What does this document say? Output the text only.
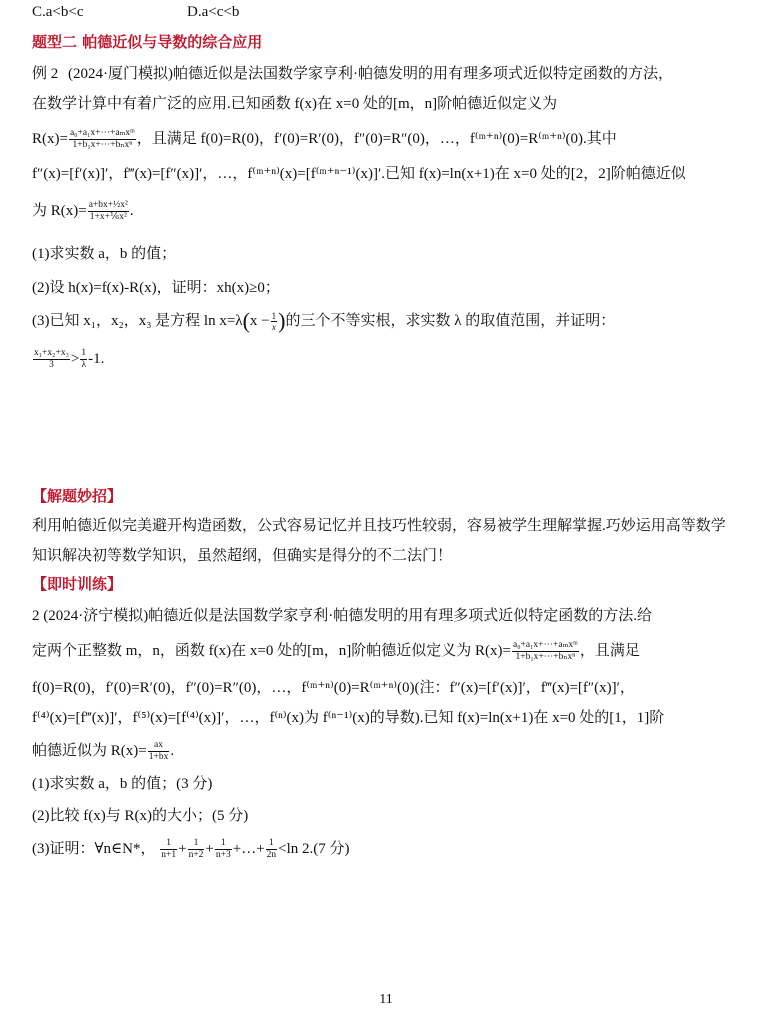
C.a<b<c	D.a<c<b
题型二 帕德近似与导数的综合应用
例 2 (2024·厦门模拟)帕德近似是法国数学家亨利·帕德发明的用有理多项式近似特定函数的方法，
在数学计算中有着广泛的应用.已知函数 f(x)在 x=0 处的[m，n]阶帕德近似定义为
$R(x)= \frac{\text{a₀+a₁x+⋯+aₘxᵐ}}{\text{1+b₁x+⋯+bₙxⁿ}}$ ，且满足 f(0)=R(0)，f′(0)=R′(0)，f″(0)=R″(0)，…，f⁽ᵐ⁺ⁿ⁾(0)=R⁽ᵐ⁺ⁿ⁾(0).其中
f″(x)=[f′(x)]′，f‴(x)=[f″(x)]′，…，f⁽ᵐ⁺ⁿ⁾(x)=[f⁽ᵐ⁺ⁿ⁻¹⁾(x)]′.已知 f(x)=ln(x+1)在 x=0 处的[2，2]阶帕德近似
为 $R(x)= \frac{\text{a+bx+½x²}}{\text{1+x+⅙x²}}$ .
(1)求实数 a，b 的值；
(2)设 h(x)=f(x)-R(x)，证明：xh(x)≥0；
(3)已知 x₁，x₂，x₃ 是方程 $\ln x=\lambda(x - \frac{1}{x}$ )的三个不等实根，求实数 λ 的取值范围，并证明：
$\frac{\text{x₁+x₂+x₃}}{3} > \frac{1}{\lambda} -1$.
【解题妙招】
利用帕德近似完美避开构造函数，公式容易记忆并且技巧性较弱，容易被学生理解掌握.巧妙运用高等数学
知识解决初等数学知识，虽然超纲，但确实是得分的不二法门！
【即时训练】
2 (2024·济宁模拟)帕德近似是法国数学家亨利·帕德发明的用有理多项式近似特定函数的方法.给
定两个正整数 m，n，函数 f(x)在 x=0 处的[m，n]阶帕德近似定义为 $R(x)= \frac{\text{a₀+a₁x+⋯+aₘxᵐ}}{\text{1+b₁x+⋯+bₙxⁿ}}$ ，且满足
f(0)=R(0)，f′(0)=R′(0)，f″(0)=R″(0)，…，f⁽ᵐ⁺ⁿ⁾(0)=R⁽ᵐ⁺ⁿ⁾(0)(注：f″(x)=[f′(x)]′，f‴(x)=[f″(x)]′，
f⁽⁴⁾(x)=[f‴(x)]′，f⁽⁵⁾(x)=[f⁽⁴⁾(x)]′，…，f⁽ⁿ⁾(x)为 f⁽ⁿ⁻¹⁾(x)的导数).已知 f(x)=ln(x+1)在 x=0 处的[1，1]阶
帕德近似为 $R(x)= \frac{ax}{1+bx}$ .
(1)求实数 a，b 的值；(3 分)
(2)比较 f(x)与 R(x)的大小；(5 分)
(3)证明：∀n∈N*， $\frac{1}{n+1} + \frac{1}{n+2} + \frac{1}{n+3}$ +…+ $\frac{1}{2n} <\ln$ 2.(7 分)
11
